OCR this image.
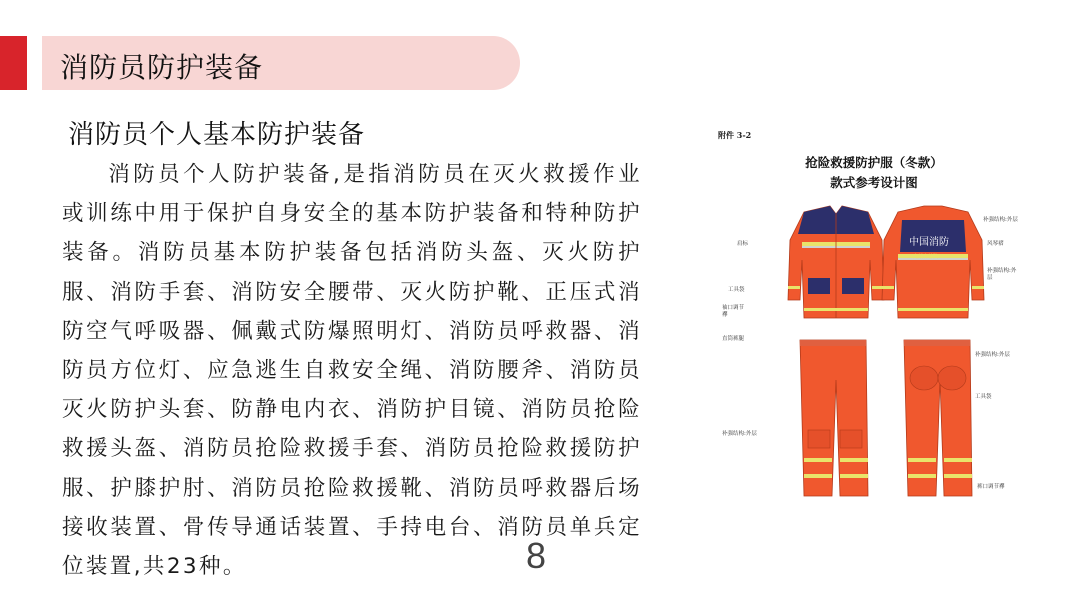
消防员防护装备
消防员个人基本防护装备
消防员个人防护装备,是指消防员在灭火救援作业或训练中用于保护自身安全的基本防护装备和特种防护装备。消防员基本防护装备包括消防头盔、灭火防护服、消防手套、消防安全腰带、灭火防护靴、正压式消防空气呼吸器、佩戴式防爆照明灯、消防员呼救器、消防员方位灯、应急逃生自救安全绳、消防腰斧、消防员灭火防护头套、防静电内衣、消防护目镜、消防员抢险救援头盔、消防员抢险救援手套、消防员抢险救援防护服、护膝护肘、消防员抢险救援靴、消防员呼救器后场接收装置、骨传导通话装置、手持电台、消防员单兵定位装置,共23种。	8
附件 3-2
抢险救援防护服（冬款）
款式参考设计图
中国消防
内蒙古总队
肩标
工具袋
袖口调节襻
补强结构:外层
风琴褶
补强结构:外层
直筒裤腿
补强结构:外层
工具袋
补强结构:外层
裤口调节襻
